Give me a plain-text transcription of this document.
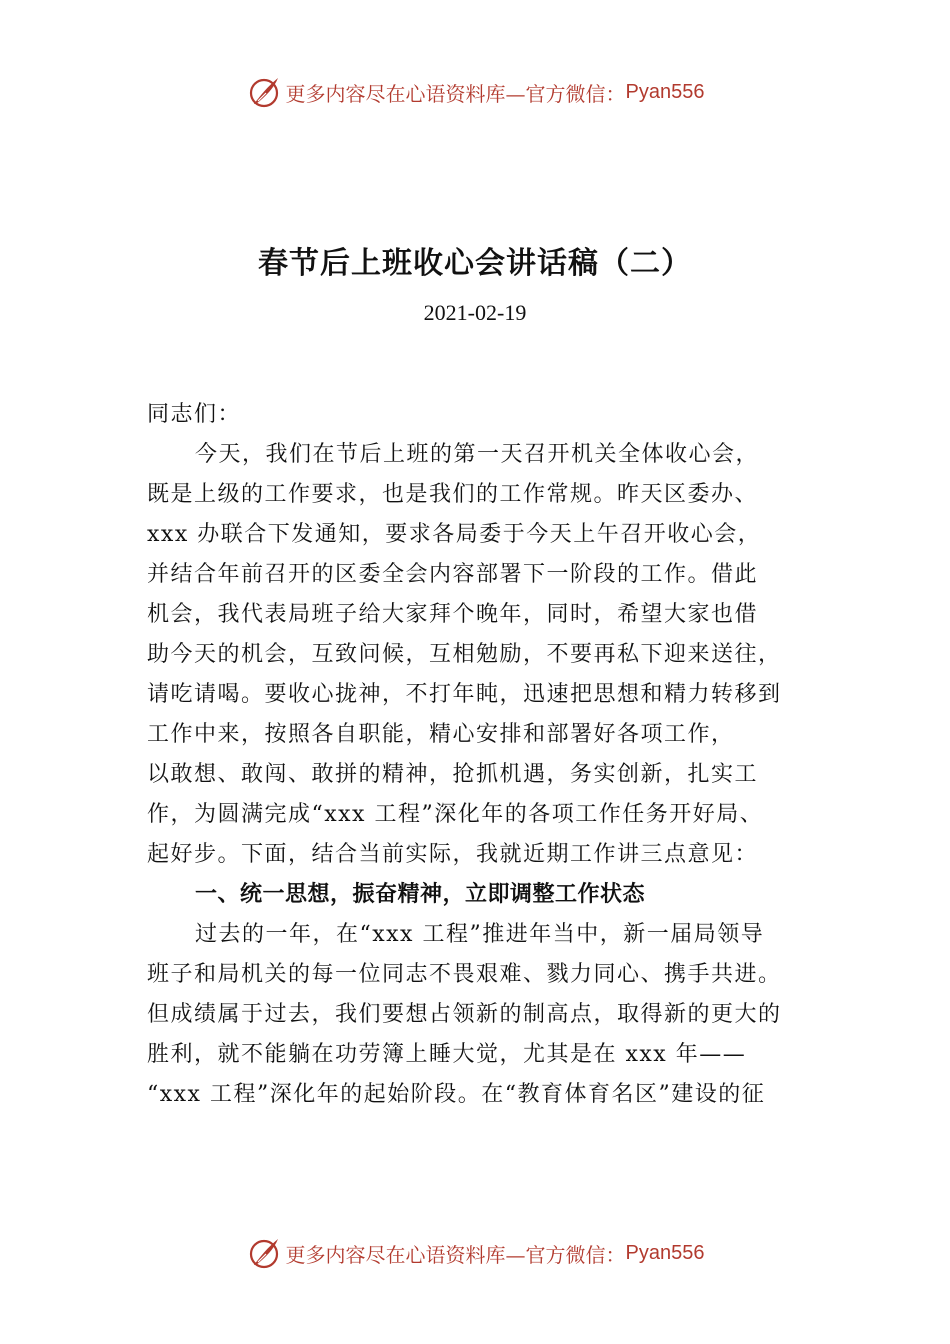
更多内容尽在心语资料库—官方微信： Pyan556
春节后上班收心会讲话稿（二）
2021-02-19
同志们：
今天，我们在节后上班的第一天召开机关全体收心会，
既是上级的工作要求，也是我们的工作常规。昨天区委办、
xxx 办联合下发通知，要求各局委于今天上午召开收心会，
并结合年前召开的区委全会内容部署下一阶段的工作。借此
机会，我代表局班子给大家拜个晚年，同时，希望大家也借
助今天的机会，互致问候，互相勉励，不要再私下迎来送往，
请吃请喝。要收心拢神，不打年盹，迅速把思想和精力转移到
工作中来，按照各自职能，精心安排和部署好各项工作，
以敢想、敢闯、敢拼的精神，抢抓机遇，务实创新，扎实工
作，为圆满完成“xxx 工程”深化年的各项工作任务开好局、
起好步。下面，结合当前实际，我就近期工作讲三点意见：
一、统一思想，振奋精神，立即调整工作状态
过去的一年，在“xxx 工程”推进年当中，新一届局领导
班子和局机关的每一位同志不畏艰难、戮力同心、携手共进。
但成绩属于过去，我们要想占领新的制高点，取得新的更大的
胜利，就不能躺在功劳簿上睡大觉，尤其是在 xxx 年——
“xxx 工程”深化年的起始阶段。在“教育体育名区”建设的征
更多内容尽在心语资料库—官方微信： Pyan556
